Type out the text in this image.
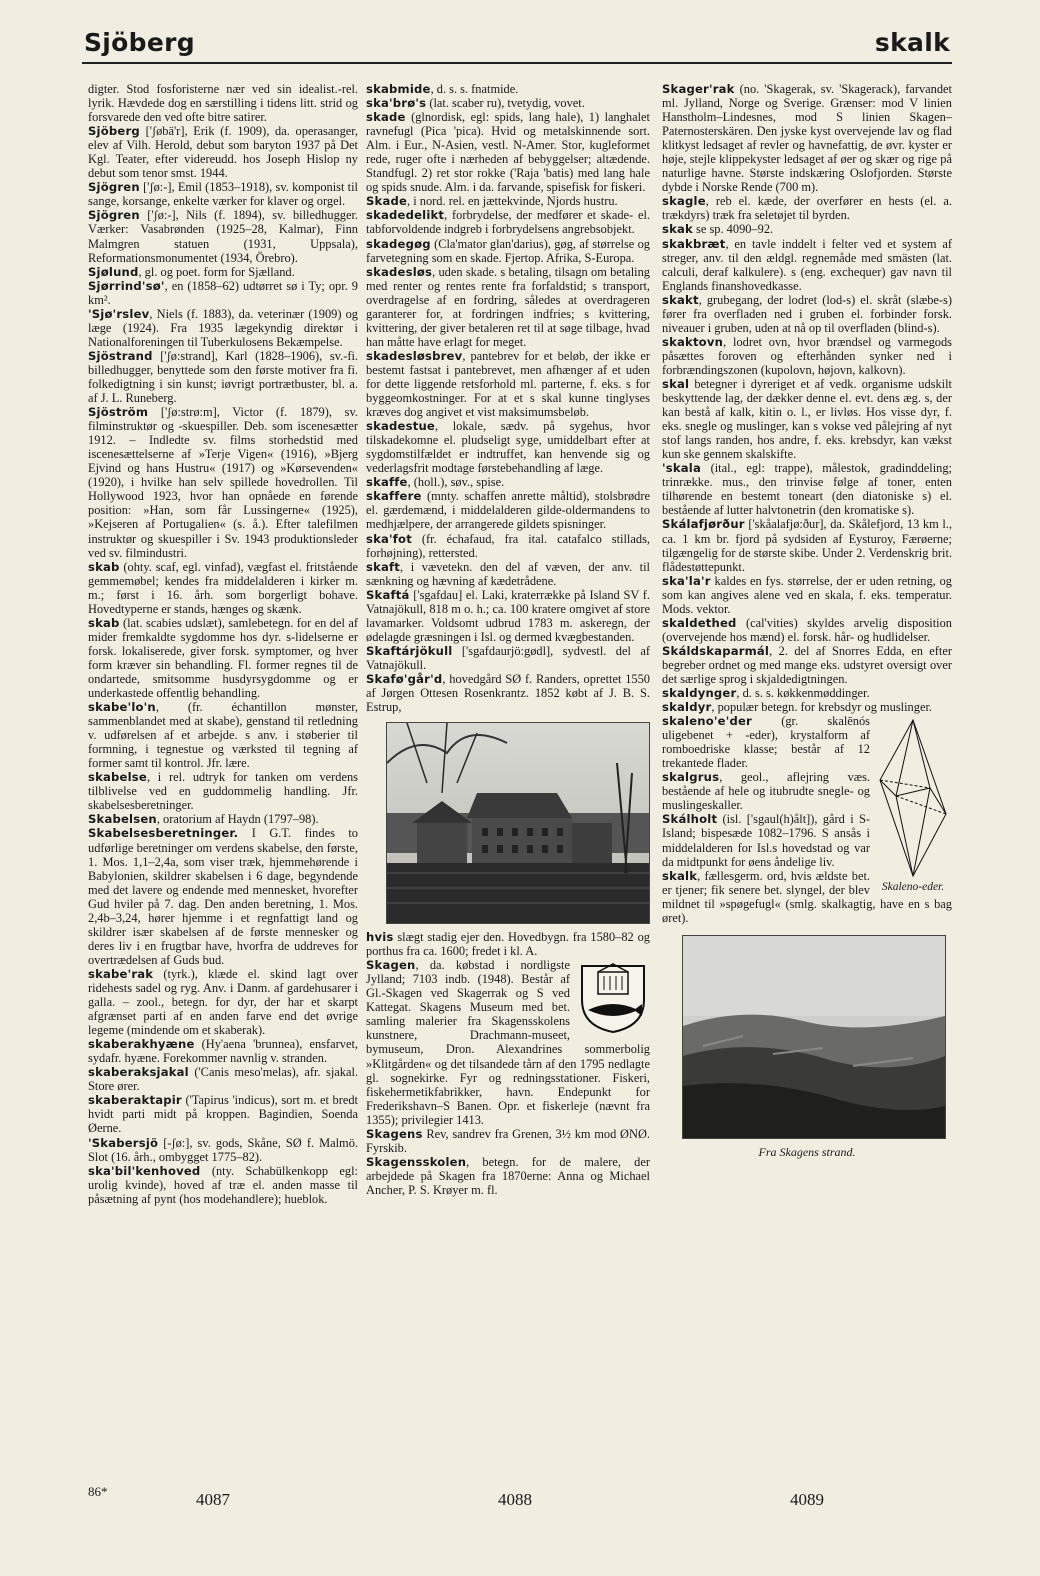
Sjöberg	skalk

digter. Stod fosforisterne nær ved sin idealist.-rel. lyrik. Hævdede dog en særstilling i tidens litt. strid og forsvarede den ved ofte bitre satirer.

Sjöberg ['ʃøbä'r], Erik (f. 1909), da. operasanger, elev af Vilh. Herold, debut som baryton 1937 på Det Kgl. Teater, efter videreudd. hos Joseph Hislop ny debut som tenor smst. 1944.

Sjögren ['ʃø:-], Emil (1853–1918), sv. komponist til sange, korsange, enkelte værker for klaver og orgel.

Sjögren ['ʃø:-], Nils (f. 1894), sv. billedhugger. Værker: Vasabrønden (1925–28, Kalmar), Finn Malmgren statuen (1931, Uppsala), Reformationsmonumentet (1934, Örebro).

Sjølund, gl. og poet. form for Sjælland.

Sjørrind'sø', en (1858–62) udtørret sø i Ty; opr. 9 km².

'Sjø'rslev, Niels (f. 1883), da. veterinær (1909) og læge (1924). Fra 1935 lægekyndig direktør i Nationalforeningen til Tuberkulosens Bekæmpelse.

Sjöstrand ['ʃø:strand], Karl (1828–1906), sv.-fi. billedhugger, benyttede som den første motiver fra fi. folkedigtning i sin kunst; iøvrigt portrætbuster, bl. a. af J. L. Runeberg.

Sjöström ['ʃø:strø:m], Victor (f. 1879), sv. filminstruktør og -skuespiller. Deb. som iscenesætter 1912. – Indledte sv. films storhedstid med iscenesættelserne af »Terje Vigen« (1916), »Bjerg Ejvind og hans Hustru« (1917) og »Kørsevenden« (1920), i hvilke han selv spillede hovedrollen. Til Hollywood 1923, hvor han opnåede en førende position: »Han, som får Lussingerne« (1925), »Kejseren af Portugalien« (s. å.). Efter talefilmen instruktør og skuespiller i Sv. 1943 produktionsleder ved sv. filmindustri.

skab (ohty. scaf, egl. vinfad), vægfast el. fritstående gemmemøbel; kendes fra middelalderen i kirker m. m.; først i 16. årh. som borgerligt bohave. Hovedtyperne er stands, hænges og skænk.

skab (lat. scabies udslæt), samlebetegn. for en del af mider fremkaldte sygdomme hos dyr. s-lidelserne er forsk. lokaliserede, giver forsk. symptomer, og hver form kræver sin behandling. Fl. former regnes til de ondartede, smitsomme husdyrsygdomme og er underkastede offentlig behandling.

skabe'lo'n, (fr. échantillon mønster, sammenblandet med at skabe), genstand til retledning v. udførelsen af et arbejde. s anv. i støberier til formning, i tegnestue og værksted til tegning af former samt til kontrol. Jfr. lære.

skabelse, i rel. udtryk for tanken om verdens tilblivelse ved en guddommelig handling. Jfr. skabelsesberetninger.

Skabelsen, oratorium af Haydn (1797–98).

Skabelsesberetninger. I G.T. findes to udførlige beretninger om verdens skabelse, den første, 1. Mos. 1,1–2,4a, som viser træk, hjemmehørende i Babylonien, skildrer skabelsen i 6 dage, begyndende med det lavere og endende med mennesket, hvorefter Gud hviler på 7. dag. Den anden beretning, 1. Mos. 2,4b–3,24, hører hjemme i et regnfattigt land og skildrer især skabelsen af de første mennesker og deres liv i en frugtbar have, hvorfra de uddreves for overtrædelsen af Guds bud.

skabe'rak (tyrk.), klæde el. skind lagt over ridehests sadel og ryg. Anv. i Danm. af gardehusarer i galla. – zool., betegn. for dyr, der har et skarpt afgrænset parti af en anden farve end det øvrige legeme (mindende om et skaberak).

skaberakhyæne (Hy'aena 'brunnea), ensfarvet, sydafr. hyæne. Forekommer navnlig v. stranden.

skaberaksjakal ('Canis meso'melas), afr. sjakal. Store ører.

skaberaktapir ('Tapirus 'indicus), sort m. et bredt hvidt parti midt på kroppen. Bagindien, Soenda Øerne.

'Skabersjö [-ʃø:], sv. gods, Skåne, SØ f. Malmö. Slot (16. årh., ombygget 1775–82).

ska'bil'kenhoved (nty. Schabülkenkopp egl: urolig kvinde), hoved af træ el. anden masse til påsætning af pynt (hos modehandlere); hueblok.

skabmide, d. s. s. fnatmide.

ska'brø's (lat. scaber ru), tvetydig, vovet.

skade (glnordisk, egl: spids, lang hale), 1) langhalet ravnefugl (Pica 'pica). Hvid og metalskinnende sort. Alm. i Eur., N-Asien, vestl. N-Amer. Stor, kugleformet rede, ruger ofte i nærheden af bebyggelser; altædende. Standfugl. 2) ret stor rokke ('Raja 'batis) med lang hale og spids snude. Alm. i da. farvande, spisefisk for fiskeri.

Skade, i nord. rel. en jættekvinde, Njords hustru.

skadedelikt, forbrydelse, der medfører et skade- el. tabforvoldende indgreb i forbrydelsens angrebsobjekt.

skadegøg (Cla'mator glan'darius), gøg, af størrelse og farvetegning som en skade. Fjertop. Afrika, S-Europa.

skadesløs, uden skade. s betaling, tilsagn om betaling med renter og rentes rente fra forfaldstid; s transport, overdragelse af en fordring, således at overdrageren garanterer for, at fordringen indfries; s kvittering, kvittering, der giver betaleren ret til at søge tilbage, hvad han måtte have erlagt for meget.

skadesløsbrev, pantebrev for et beløb, der ikke er bestemt fastsat i pantebrevet, men afhænger af et uden for dette liggende retsforhold ml. parterne, f. eks. s for byggeomkostninger. For at et s skal kunne tinglyses kræves dog angivet et vist maksimumsbeløb.

skadestue, lokale, sædv. på sygehus, hvor tilskadekomne el. pludseligt syge, umiddelbart efter at sygdomstilfældet er indtruffet, kan henvende sig og vederlagsfrit modtage førstebehandling af læge.

skaffe, (holl.), søv., spise.

skaffere (mnty. schaffen anrette måltid), stolsbrødre el. gærdemænd, i middelalderen gilde-oldermandens to medhjælpere, der arrangerede gildets spisninger.

ska'fot (fr. échafaud, fra ital. catafalco stillads, forhøjning), rettersted.

skaft, i vævetekn. den del af væven, der anv. til sænkning og hævning af kædetrådene.

Skaftá ['sgafdau] el. Laki, kraterrække på Island SV f. Vatnajökull, 818 m o. h.; ca. 100 kratere omgivet af store lavamarker. Voldsomt udbrud 1783 m. askeregn, der ødelagde græsningen i Isl. og dermed kvægbestanden.

Skaftárjökull ['sgafdaurjö:gødl], sydvestl. del af Vatnajökull.

Skafø'går'd, hovedgård SØ f. Randers, oprettet 1550 af Jørgen Ottesen Rosenkrantz. 1852 købt af J. B. S. Estrup,

hvis slægt stadig ejer den. Hovedbygn. fra 1580–82 og porthus fra ca. 1600; fredet i kl. A.

Skagen, da. købstad i nordligste Jylland; 7103 indb. (1948). Består af Gl.-Skagen ved Skagerrak og S ved Kattegat. Skagens Museum med bet. samling malerier fra Skagensskolens kunstnere, Drachmann-museet, bymuseum, Dron. Alexandrines sommerbolig »Klitgården« og det tilsandede tårn af den 1795 nedlagte gl. sognekirke. Fyr og redningsstationer. Fiskeri, fiskehermetikfabrikker, havn. Endepunkt for Frederikshavn–S Banen. Opr. et fiskerleje (nævnt fra 1355); privilegier 1413.

Skagens Rev, sandrev fra Grenen, 3½ km mod ØNØ. Fyrskib.

Skagensskolen, betegn. for de malere, der arbejdede på Skagen fra 1870erne: Anna og Michael Ancher, P. S. Krøyer m. fl.

Skager'rak (no. 'Skagerak, sv. 'Skagerack), farvandet ml. Jylland, Norge og Sverige. Grænser: mod V linien Hanstholm–Lindesnes, mod S linien Skagen–Paternosterskären. Den jyske kyst overvejende lav og flad klitkyst ledsaget af revler og havnefattig, de øvr. kyster er høje, stejle klippekyster ledsaget af øer og skær og rige på naturlige havne. Største indskæring Oslofjorden. Største dybde i Norske Rende (700 m).

skagle, reb el. kæde, der overfører en hests (el. a. trækdyrs) træk fra seletøjet til byrden.

skak se sp. 4090–92.

skakbræt, en tavle inddelt i felter ved et system af streger, anv. til den ældgl. regnemåde med smästen (lat. calculi, deraf kalkulere). s (eng. exchequer) gav navn til Englands finanshovedkasse.

skakt, grubegang, der lodret (lod-s) el. skråt (slæbe-s) fører fra overfladen ned i gruben el. forbinder forsk. niveauer i gruben, uden at nå op til overfladen (blind-s).

skaktovn, lodret ovn, hvor brændsel og varmegods påsættes foroven og efterhånden synker ned i forbrændingszonen (kupolovn, højovn, kalkovn).

skal betegner i dyreriget et af vedk. organisme udskilt beskyttende lag, der dækker denne el. evt. dens æg. s, der kan bestå af kalk, kitin o. l., er livløs. Hos visse dyr, f. eks. snegle og muslinger, kan s vokse ved pålejring af nyt stof langs randen, hos andre, f. eks. krebsdyr, kan vækst kun ske gennem skalskifte.

'skala (ital., egl: trappe), målestok, gradinddeling; trinrække. mus., den trinvise følge af toner, enten tilhørende en bestemt toneart (den diatoniske s) el. bestående af lutter halvtonetrin (den kromatiske s).

Skálafjørður ['skåalafjø:ður], da. Skålefjord, 13 km l., ca. 1 km br. fjord på sydsiden af Eysturoy, Færøerne; tilgængelig for de største skibe. Under 2. Verdenskrig brit. flådestøttepunkt.

ska'la'r kaldes en fys. størrelse, der er uden retning, og som kan angives alene ved en skala, f. eks. temperatur. Mods. vektor.

skaldethed (cal'vities) skyldes arvelig disposition (overvejende hos mænd) el. forsk. hår- og hudlidelser.

Skáldskaparmál, 2. del af Snorres Edda, en efter begreber ordnet og med mange eks. udstyret oversigt over det særlige sprog i skjaldedigtningen.

skaldynger, d. s. s. køkkenmøddinger.

skaldyr, populær betegn. for krebsdyr og muslinger.

Skaleno-eder.

skaleno'e'der (gr. skalēnós uligebenet + -eder), krystalform af romboedriske klasse; består af 12 trekantede flader.

skalgrus, geol., aflejring væs. bestående af hele og itubrudte snegle- og muslingeskaller.

Skálholt (isl. ['sgaul(h)ålt]), gård i S-Island; bispesæde 1082–1796. S ansås i middelalderen for Isl.s hovedstad og var da midtpunkt for øens åndelige liv.

skalk, fællesgerm. ord, hvis ældste bet. er tjener; fik senere bet. slyngel, der blev mildnet til »spøgefugl« (smlg. skalkagtig, have en s bag øret).

Fra Skagens strand.
86*	4087	4088	4089
